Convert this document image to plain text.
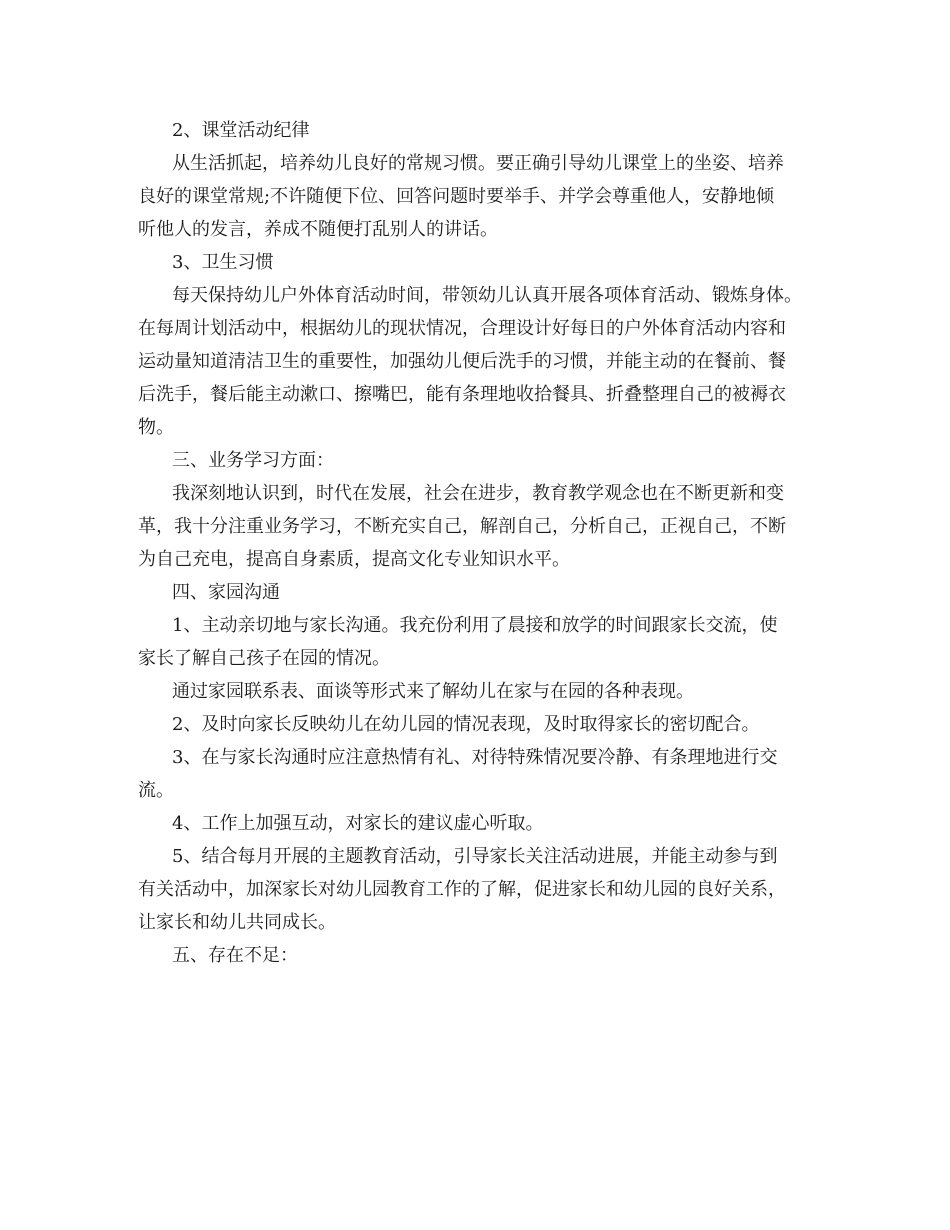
2、课堂活动纪律
从生活抓起，培养幼儿良好的常规习惯。要正确引导幼儿课堂上的坐姿、培养
良好的课堂常规;不许随便下位、回答问题时要举手、并学会尊重他人，安静地倾
听他人的发言，养成不随便打乱别人的讲话。
3、卫生习惯
每天保持幼儿户外体育活动时间，带领幼儿认真开展各项体育活动、锻炼身体。
在每周计划活动中，根据幼儿的现状情况，合理设计好每日的户外体育活动内容和
运动量知道清洁卫生的重要性，加强幼儿便后洗手的习惯，并能主动的在餐前、餐
后洗手，餐后能主动漱口、擦嘴巴，能有条理地收拾餐具、折叠整理自己的被褥衣
物。
三、业务学习方面：
我深刻地认识到，时代在发展，社会在进步，教育教学观念也在不断更新和变
革，我十分注重业务学习，不断充实自己，解剖自己，分析自己，正视自己，不断
为自己充电，提高自身素质，提高文化专业知识水平。
四、家园沟通
1、主动亲切地与家长沟通。我充份利用了晨接和放学的时间跟家长交流，使
家长了解自己孩子在园的情况。
通过家园联系表、面谈等形式来了解幼儿在家与在园的各种表现。
2、及时向家长反映幼儿在幼儿园的情况表现，及时取得家长的密切配合。
3、在与家长沟通时应注意热情有礼、对待特殊情况要冷静、有条理地进行交
流。
4、工作上加强互动，对家长的建议虚心听取。
5、结合每月开展的主题教育活动，引导家长关注活动进展，并能主动参与到
有关活动中，加深家长对幼儿园教育工作的了解，促进家长和幼儿园的良好关系，
让家长和幼儿共同成长。
五、存在不足：
